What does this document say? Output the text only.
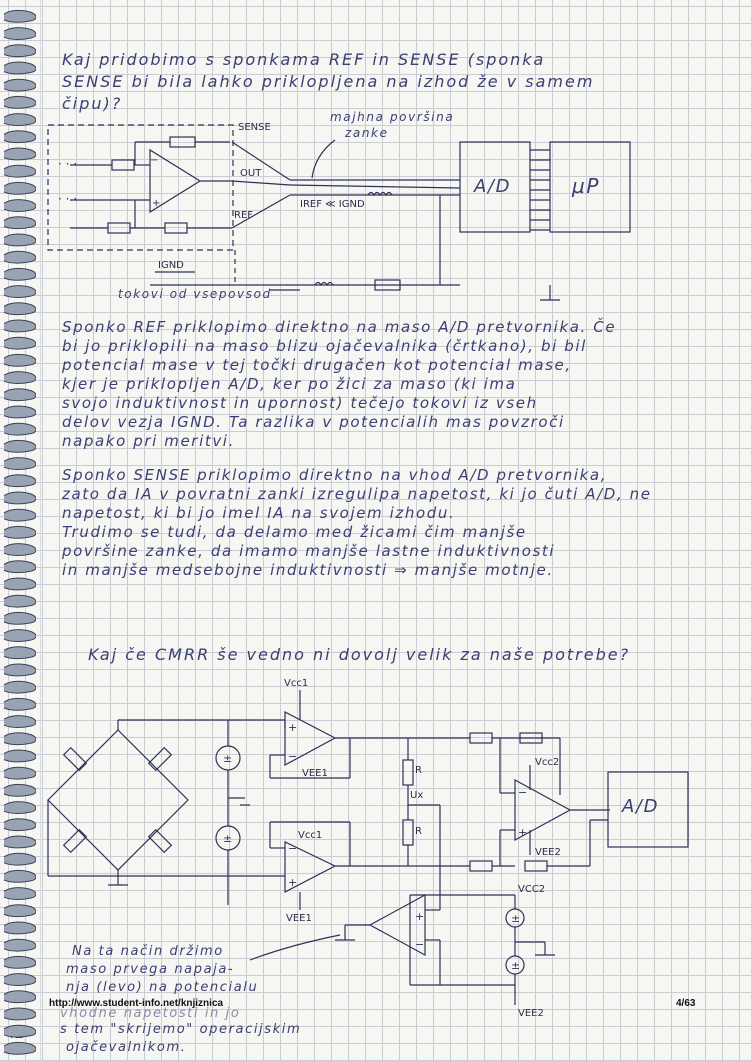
Kaj pridobimo s sponkama REF in SENSE (sponka
SENSE bi bila lahko priklopljena na izhod že v samem
čipu)?
−
+
· · ·
· · ·
SENSE
OUT
REF
majhna površina
zanke
IREF ≪ IGND
IGND
tokovi od vsepovsod
A/D	µP
Sponko REF priklopimo direktno na maso A/D pretvornika. Če
bi jo priklopili na maso blizu ojačevalnika (črtkano), bi bil
potencial mase v tej točki drugačen kot potencial mase,
kjer je priklopljen A/D, ker po žici za maso (ki ima
svojo induktivnost in upornost) tečejo tokovi iz vseh
delov vezja IGND. Ta razlika v potencialih mas povzroči
napako pri meritvi.
Sponko SENSE priklopimo direktno na vhod A/D pretvornika,
zato da IA v povratni zanki izreguliра napetost, ki jo čuti A/D, ne
napetost, ki bi jo imel IA na svojem izhodu.
Trudimo se tudi, da delamo med žicami čim manjše
površine zanke, da imamo manjše lastne induktivnosti
in manjše medsebojne induktivnosti ⇒ manjše motnje.
Kaj če CMRR še vedno ni dovolj velik za naše potrebe?
+
−
−
+
−
+
+
−
±
±
±
±
Vcc1
VEE1
Vcc1
VEE1
R
R
Ux
Vcc2
VEE2
VCC2
VEE2
A/D
Na ta način držimo
maso prvega napaja-
nja (levo) na potencialu
vhodne napetosti in jo
s tem "skrijemo" operacijskim
ojačevalnikom.
http://www.student-info.net/knjiznica	4/63
